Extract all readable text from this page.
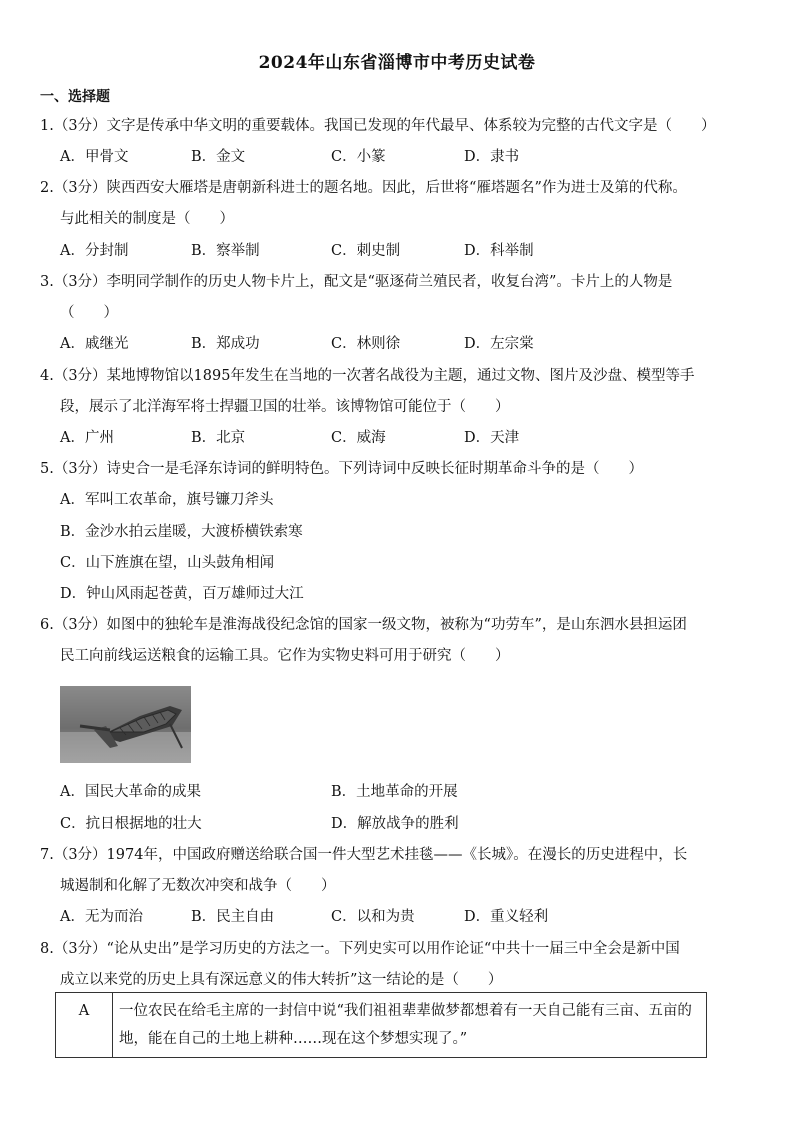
2024年山东省淄博市中考历史试卷
一、选择题
1.（3分）文字是传承中华文明的重要载体。我国已发现的年代最早、体系较为完整的古代文字是（　　）
A．甲骨文	B．金文	C．小篆	D．隶书
2.（3分）陕西西安大雁塔是唐朝新科进士的题名地。因此，后世将“雁塔题名”作为进士及第的代称。
与此相关的制度是（　　）
A．分封制	B．察举制	C．刺史制	D．科举制
3.（3分）李明同学制作的历史人物卡片上，配文是“驱逐荷兰殖民者，收复台湾”。卡片上的人物是
（　　）
A．戚继光	B．郑成功	C．林则徐	D．左宗棠
4.（3分）某地博物馆以1895年发生在当地的一次著名战役为主题，通过文物、图片及沙盘、模型等手
段，展示了北洋海军将士捍疆卫国的壮举。该博物馆可能位于（　　）
A．广州	B．北京	C．威海	D．天津
5.（3分）诗史合一是毛泽东诗词的鲜明特色。下列诗词中反映长征时期革命斗争的是（　　）
A．军叫工农革命，旗号镰刀斧头
B．金沙水拍云崖暖，大渡桥横铁索寒
C．山下旌旗在望，山头鼓角相闻
D．钟山风雨起苍黄，百万雄师过大江
6.（3分）如图中的独轮车是淮海战役纪念馆的国家一级文物，被称为“功劳车”，是山东泗水县担运团
民工向前线运送粮食的运输工具。它作为实物史料可用于研究（　　）
A．国民大革命的成果	B．土地革命的开展
C．抗日根据地的壮大	D．解放战争的胜利
7.（3分）1974年，中国政府赠送给联合国一件大型艺术挂毯——《长城》。在漫长的历史进程中，长
城遏制和化解了无数次冲突和战争（　　）
A．无为而治	B．民主自由	C．以和为贵	D．重义轻利
8.（3分）“论从史出”是学习历史的方法之一。下列史实可以用作论证“中共十一届三中全会是新中国
成立以来党的历史上具有深远意义的伟大转折”这一结论的是（　　）
A	一位农民在给毛主席的一封信中说“我们祖祖辈辈做梦都想着有一天自己能有三亩、五亩的地，能在自己的土地上耕种……现在这个梦想实现了。”
